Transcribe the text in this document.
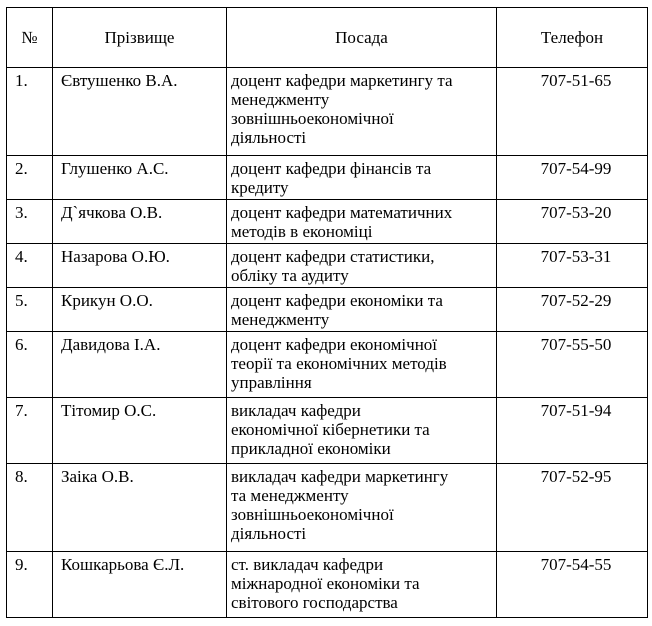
№	Прізвище	Посада	Телефон
1.	Євтушенко В.А.	доцент кафедри маркетингу та
менеджменту
зовнішньоекономічної
діяльності	707-51-65
2.	Глушенко А.С.	доцент кафедри фінансів та
кредиту	707-54-99
3.	Д`ячкова О.В.	доцент кафедри математичних
методів в економіці	707-53-20
4.	Назарова О.Ю.	доцент кафедри статистики,
обліку та аудиту	707-53-31
5.	Крикун О.О.	доцент кафедри економіки та
менеджменту	707-52-29
6.	Давидова І.А.	доцент кафедри економічної
теорії та економічних методів
управління	707-55-50
7.	Тітомир О.С.	викладач кафедри
економічної кібернетики та
прикладної економіки	707-51-94
8.	Заіка О.В.	викладач кафедри маркетингу
та менеджменту
зовнішньоекономічної
діяльності	707-52-95
9.	Кошкарьова Є.Л.	ст. викладач кафедри
міжнародної економіки та
світового господарства	707-54-55
